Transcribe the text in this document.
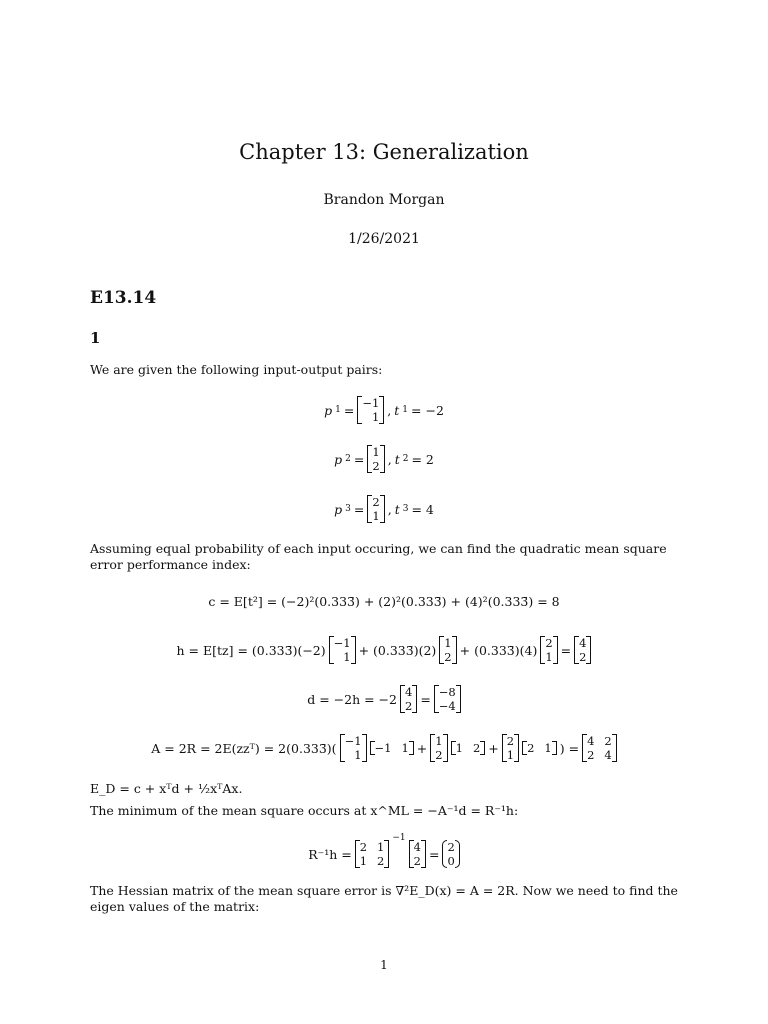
Chapter 13: Generalization
Brandon Morgan
1/26/2021
E13.14
1
We are given the following input-output pairs:
p 1 = −1
1 , t 1 = −2
p 2 = 1
2 , t 2 = 2
p 3 = 2
1 , t 3 = 4
Assuming equal probability of each input occuring, we can find the quadratic mean square error performance index:
c = E[t²] = (−2)²(0.333̄) + (2)²(0.333̄) + (4)²(0.333̄) = 8
h = E[tz] = (0.333̄)(−2) −1
1 + (0.333̄)(2) 1
2 + (0.333̄)(4) 2
1 = 4
2
d = −2h = −2 4
2 = −8
−4
A = 2R = 2E(zzᵀ) = 2(0.333̄)( −1
1 −1 1 + 1
2 1 2 + 2
1 2 1 ) = 4 2
2 4
E_D = c + xᵀd + ½xᵀAx.
The minimum of the mean square occurs at x^ML = −A⁻¹d = R⁻¹h:
R⁻¹h = 2 1
1 2
−1
4
2 = 2
0
The Hessian matrix of the mean square error is ∇²E_D(x) = A = 2R. Now we need to find the eigen values of the matrix:
1
